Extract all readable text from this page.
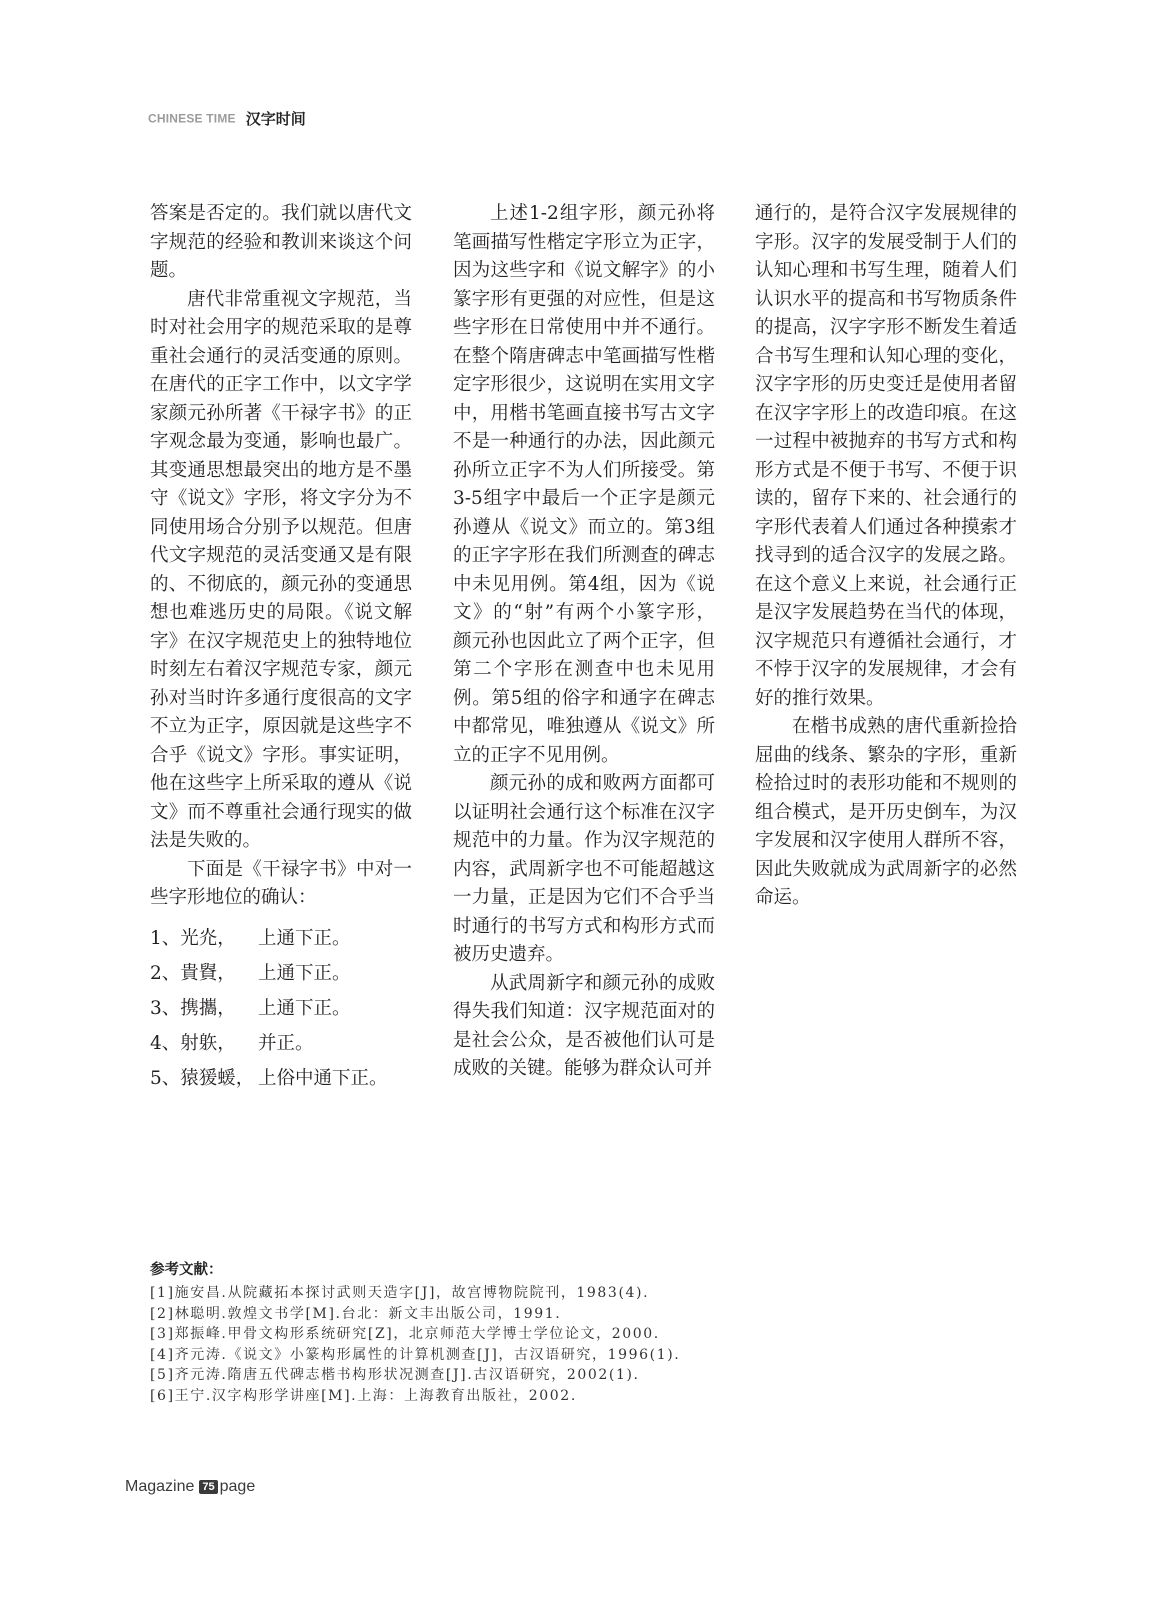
CHINESE TIME 汉字时间
答案是否定的。我们就以唐代文
字规范的经验和教训来谈这个问
题。
唐代非常重视文字规范，当
时对社会用字的规范采取的是尊
重社会通行的灵活变通的原则。
在唐代的正字工作中，以文字学
家颜元孙所著《干禄字书》的正
字观念最为变通，影响也最广。
其变通思想最突出的地方是不墨
守《说文》字形，将文字分为不
同使用场合分别予以规范。但唐
代文字规范的灵活变通又是有限
的、不彻底的，颜元孙的变通思
想也难逃历史的局限。《说文解
字》在汉字规范史上的独特地位
时刻左右着汉字规范专家，颜元
孙对当时许多通行度很高的文字
不立为正字，原因就是这些字不
合乎《说文》字形。事实证明，
他在这些字上所采取的遵从《说
文》而不尊重社会通行现实的做
法是失败的。
下面是《干禄字书》中对一
些字形地位的确认：
1、光灮， 上通下正。
2、貴䝿， 上通下正。
3、携攜， 上通下正。
4、射䠶， 并正。
5、猿猨蝯， 上俗中通下正。
上述1-2组字形，颜元孙将
笔画描写性楷定字形立为正字，
因为这些字和《说文解字》的小
篆字形有更强的对应性，但是这
些字形在日常使用中并不通行。
在整个隋唐碑志中笔画描写性楷
定字形很少，这说明在实用文字
中，用楷书笔画直接书写古文字
不是一种通行的办法，因此颜元
孙所立正字不为人们所接受。第
3-5组字中最后一个正字是颜元
孙遵从《说文》而立的。第3组
的正字字形在我们所测查的碑志
中未见用例。第4组，因为《说
文》的“射”有两个小篆字形，
颜元孙也因此立了两个正字，但
第二个字形在测查中也未见用
例。第5组的俗字和通字在碑志
中都常见，唯独遵从《说文》所
立的正字不见用例。
颜元孙的成和败两方面都可
以证明社会通行这个标准在汉字
规范中的力量。作为汉字规范的
内容，武周新字也不可能超越这
一力量，正是因为它们不合乎当
时通行的书写方式和构形方式而
被历史遗弃。
从武周新字和颜元孙的成败
得失我们知道：汉字规范面对的
是社会公众，是否被他们认可是
成败的关键。能够为群众认可并
通行的，是符合汉字发展规律的
字形。汉字的发展受制于人们的
认知心理和书写生理，随着人们
认识水平的提高和书写物质条件
的提高，汉字字形不断发生着适
合书写生理和认知心理的变化，
汉字字形的历史变迁是使用者留
在汉字字形上的改造印痕。在这
一过程中被抛弃的书写方式和构
形方式是不便于书写、不便于识
读的，留存下来的、社会通行的
字形代表着人们通过各种摸索才
找寻到的适合汉字的发展之路。
在这个意义上来说，社会通行正
是汉字发展趋势在当代的体现，
汉字规范只有遵循社会通行，才
不悖于汉字的发展规律，才会有
好的推行效果。
在楷书成熟的唐代重新捡拾
屈曲的线条、繁杂的字形，重新
检拾过时的表形功能和不规则的
组合模式，是开历史倒车，为汉
字发展和汉字使用人群所不容，
因此失败就成为武周新字的必然
命运。
参考文献：
[1]施安昌.从院藏拓本探讨武则天造字[J]，故宫博物院院刊，1983(4).
[2]林聪明.敦煌文书学[M].台北：新文丰出版公司，1991.
[3]郑振峰.甲骨文构形系统研究[Z]，北京师范大学博士学位论文，2000.
[4]齐元涛.《说文》小篆构形属性的计算机测查[J]，古汉语研究，1996(1).
[5]齐元涛.隋唐五代碑志楷书构形状况测查[J].古汉语研究，2002(1).
[6]王宁.汉字构形学讲座[M].上海：上海教育出版社，2002.
Magazine 75 page
